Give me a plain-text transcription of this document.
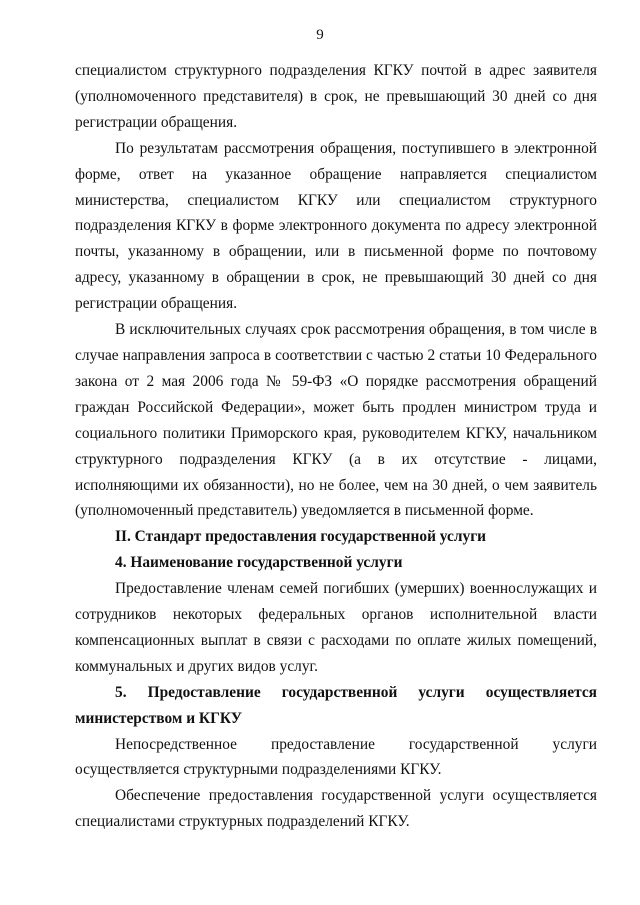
9

специалистом структурного подразделения КГКУ почтой в адрес заявителя (уполномоченного представителя) в срок, не превышающий 30 дней со дня регистрации обращения.

По результатам рассмотрения обращения, поступившего в электронной форме, ответ на указанное обращение направляется специалистом министерства, специалистом КГКУ или специалистом структурного подразделения КГКУ в форме электронного документа по адресу электронной почты, указанному в обращении, или в письменной форме по почтовому адресу, указанному в обращении в срок, не превышающий 30 дней со дня регистрации обращения.

В исключительных случаях срок рассмотрения обращения, в том числе в случае направления запроса в соответствии с частью 2 статьи 10 Федерального закона от 2 мая 2006 года № 59-ФЗ «О порядке рассмотрения обращений граждан Российской Федерации», может быть продлен министром труда и социального политики Приморского края, руководителем КГКУ, начальником структурного подразделения КГКУ (а в их отсутствие - лицами, исполняющими их обязанности), но не более, чем на 30 дней, о чем заявитель (уполномоченный представитель) уведомляется в письменной форме.

II. Стандарт предоставления государственной услуги

4. Наименование государственной услуги

Предоставление членам семей погибших (умерших) военнослужащих и сотрудников некоторых федеральных органов исполнительной власти компенсационных выплат в связи с расходами по оплате жилых помещений, коммунальных и других видов услуг.

5. Предоставление государственной услуги осуществляется министерством и КГКУ

Непосредственное предоставление государственной услуги осуществляется структурными подразделениями КГКУ.

Обеспечение предоставления государственной услуги осуществляется специалистами структурных подразделений КГКУ.
